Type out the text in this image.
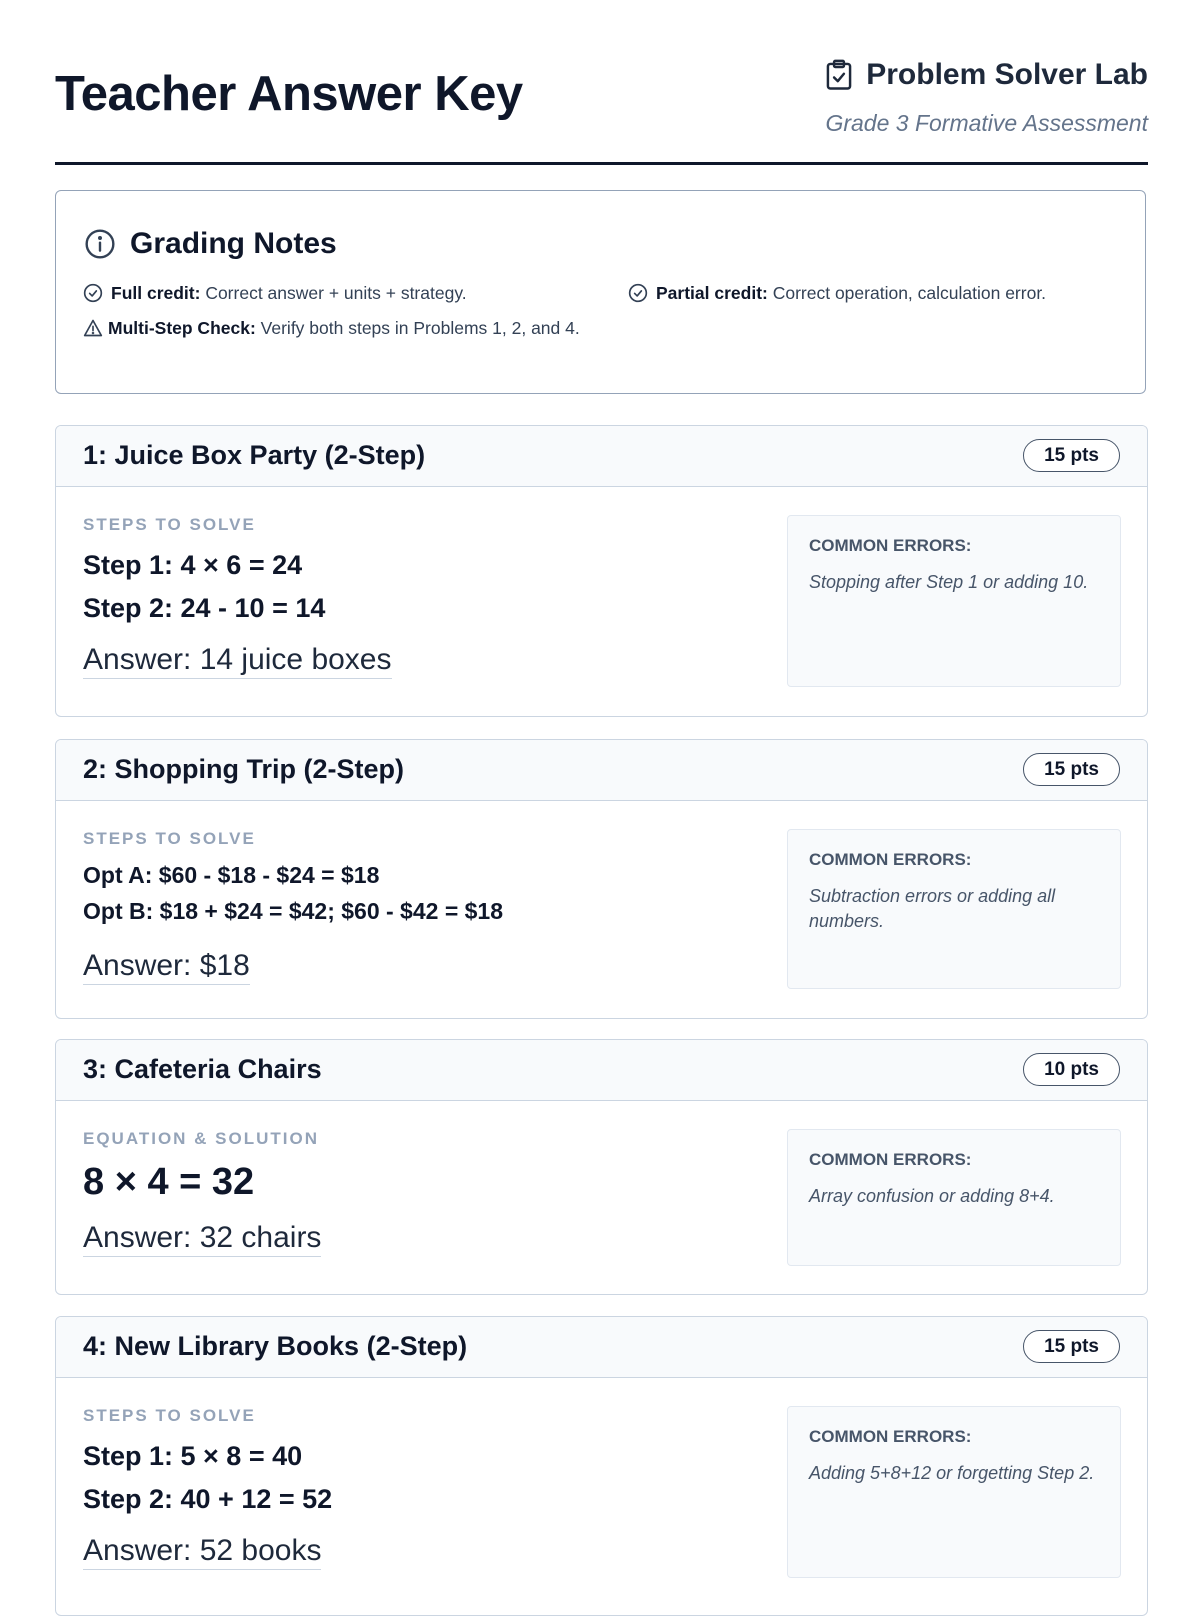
Teacher Answer Key	Problem Solver Lab
Grade 3 Formative Assessment
Grading Notes
Full credit: Correct answer + units + strategy.	Partial credit: Correct operation, calculation error.
Multi-Step Check: Verify both steps in Problems 1, 2, and 4.
1: Juice Box Party (2-Step)	15 pts
STEPS TO SOLVE
Step 1: 4 × 6 = 24
Step 2: 24 - 10 = 14
Answer: 14 juice boxes
COMMON ERRORS:
Stopping after Step 1 or adding 10.
2: Shopping Trip (2-Step)	15 pts
STEPS TO SOLVE
Opt A: $60 - $18 - $24 = $18
Opt B: $18 + $24 = $42; $60 - $42 = $18
Answer: $18
COMMON ERRORS:
Subtraction errors or adding all numbers.
3: Cafeteria Chairs	10 pts
EQUATION & SOLUTION
8 × 4 = 32
Answer: 32 chairs
COMMON ERRORS:
Array confusion or adding 8+4.
4: New Library Books (2-Step)	15 pts
STEPS TO SOLVE
Step 1: 5 × 8 = 40
Step 2: 40 + 12 = 52
Answer: 52 books
COMMON ERRORS:
Adding 5+8+12 or forgetting Step 2.
